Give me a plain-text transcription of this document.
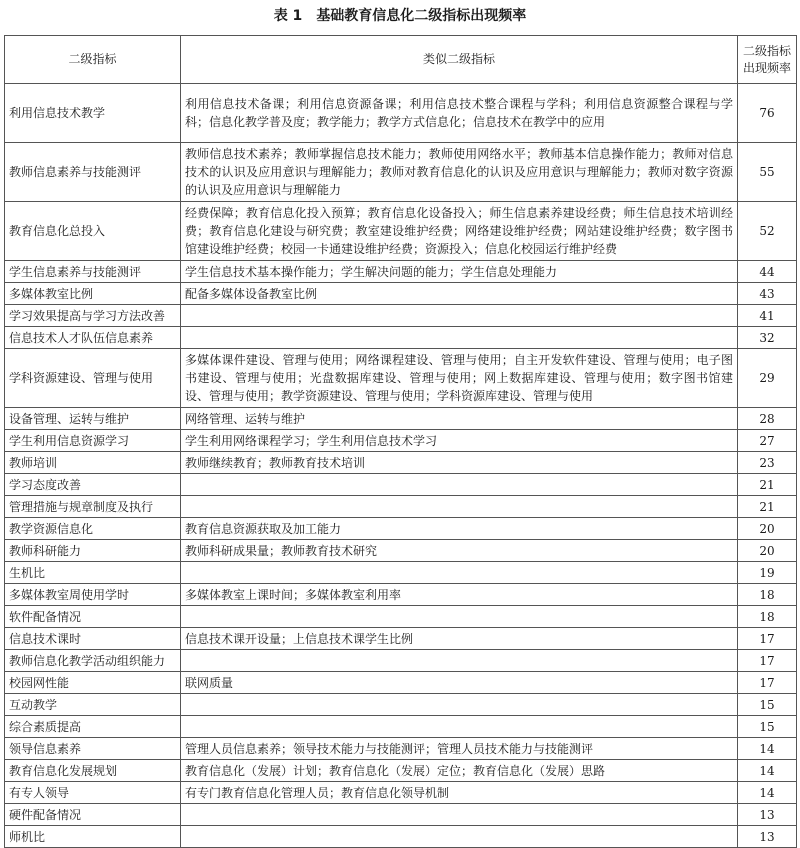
表 1 基础教育信息化二级指标出现频率
二级指标	类似二级指标	二级指标出现频率
利用信息技术教学	利用信息技术备课；利用信息资源备课；利用信息技术整合课程与学科；利用信息资源整合课程与学科；信息化教学普及度；教学能力；教学方式信息化；信息技术在教学中的应用	76
教师信息素养与技能测评	教师信息技术素养；教师掌握信息技术能力；教师使用网络水平；教师基本信息操作能力；教师对信息技术的认识及应用意识与理解能力；教师对教育信息化的认识及应用意识与理解能力；教师对数字资源的认识及应用意识与理解能力	55
教育信息化总投入	经费保障；教育信息化投入预算；教育信息化设备投入；师生信息素养建设经费；师生信息技术培训经费；教育信息化建设与研究费；教室建设维护经费；网络建设维护经费；网站建设维护经费；数字图书馆建设维护经费；校园一卡通建设维护经费；资源投入；信息化校园运行维护经费	52
学生信息素养与技能测评	学生信息技术基本操作能力；学生解决问题的能力；学生信息处理能力	44
多媒体教室比例	配备多媒体设备教室比例	43
学习效果提高与学习方法改善		41
信息技术人才队伍信息素养		32
学科资源建设、管理与使用	多媒体课件建设、管理与使用；网络课程建设、管理与使用；自主开发软件建设、管理与使用；电子图书建设、管理与使用；光盘数据库建设、管理与使用；网上数据库建设、管理与使用；数字图书馆建设、管理与使用；教学资源建设、管理与使用；学科资源库建设、管理与使用	29
设备管理、运转与维护	网络管理、运转与维护	28
学生利用信息资源学习	学生利用网络课程学习；学生利用信息技术学习	27
教师培训	教师继续教育；教师教育技术培训	23
学习态度改善		21
管理措施与规章制度及执行		21
教学资源信息化	教育信息资源获取及加工能力	20
教师科研能力	教师科研成果量；教师教育技术研究	20
生机比		19
多媒体教室周使用学时	多媒体教室上课时间；多媒体教室利用率	18
软件配备情况		18
信息技术课时	信息技术课开设量；上信息技术课学生比例	17
教师信息化教学活动组织能力		17
校园网性能	联网质量	17
互动教学		15
综合素质提高		15
领导信息素养	管理人员信息素养；领导技术能力与技能测评；管理人员技术能力与技能测评	14
教育信息化发展规划	教育信息化（发展）计划；教育信息化（发展）定位；教育信息化（发展）思路	14
有专人领导	有专门教育信息化管理人员；教育信息化领导机制	14
硬件配备情况		13
师机比		13
